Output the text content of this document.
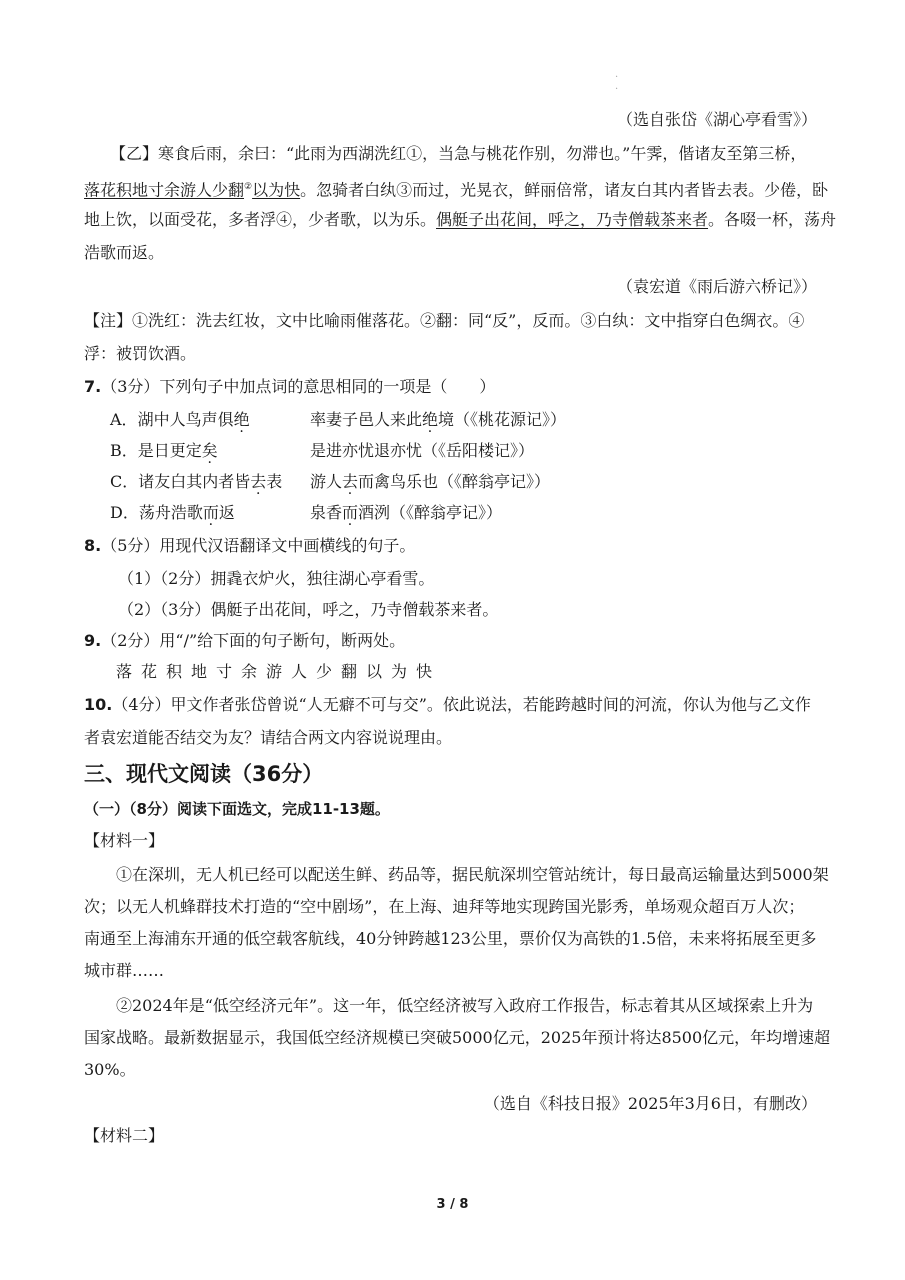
·
·
（选自张岱《湖心亭看雪》）
【乙】寒食后雨，余曰：“此雨为西湖洗红①，当急与桃花作别，勿滞也。”午霁，偕诸友至第三桥，
落花积地寸余游人少翻②以为快。忽骑者白纨③而过，光晃衣，鲜丽倍常，诸友白其内者皆去表。少倦，卧
地上饮，以面受花，多者浮④，少者歌，以为乐。偶艇子出花间，呼之，乃寺僧载茶来者。各啜一杯，荡舟
浩歌而返。
（袁宏道《雨后游六桥记》）
【注】①洗红：洗去红妆，文中比喻雨催落花。②翻：同“反”，反而。③白纨：文中指穿白色绸衣。④
浮：被罚饮酒。
7.（3分）下列句子中加点词的意思相同的一项是（　　）
A．湖中人鸟声俱绝	率妻子邑人来此绝境（《桃花源记》）
B．是日更定矣	是进亦忧退亦忧（《岳阳楼记》）
C．诸友白其内者皆去表 游人去而禽鸟乐也（《醉翁亭记》）
D．荡舟浩歌而返	泉香而酒洌（《醉翁亭记》）
8.（5分）用现代汉语翻译文中画横线的句子。
（1）（2分）拥毳衣炉火，独往湖心亭看雪。
（2）（3分）偶艇子出花间，呼之，乃寺僧载茶来者。
9.（2分）用“/”给下面的句子断句，断两处。
落花积地寸余游人少翻以为快
10.（4分）甲文作者张岱曾说“人无癖不可与交”。依此说法，若能跨越时间的河流，你认为他与乙文作
者袁宏道能否结交为友？请结合两文内容说说理由。
三、现代文阅读（36分）
（一）（8分）阅读下面选文，完成11-13题。
【材料一】
①在深圳，无人机已经可以配送生鲜、药品等，据民航深圳空管站统计，每日最高运输量达到5000架
次；以无人机蜂群技术打造的“空中剧场”，在上海、迪拜等地实现跨国光影秀，单场观众超百万人次；
南通至上海浦东开通的低空载客航线，40分钟跨越123公里，票价仅为高铁的1.5倍，未来将拓展至更多
城市群……
②2024年是“低空经济元年”。这一年，低空经济被写入政府工作报告，标志着其从区域探索上升为
国家战略。最新数据显示，我国低空经济规模已突破5000亿元，2025年预计将达8500亿元，年均增速超
30%。
（选自《科技日报》2025年3月6日，有删改）
【材料二】
3 / 8
